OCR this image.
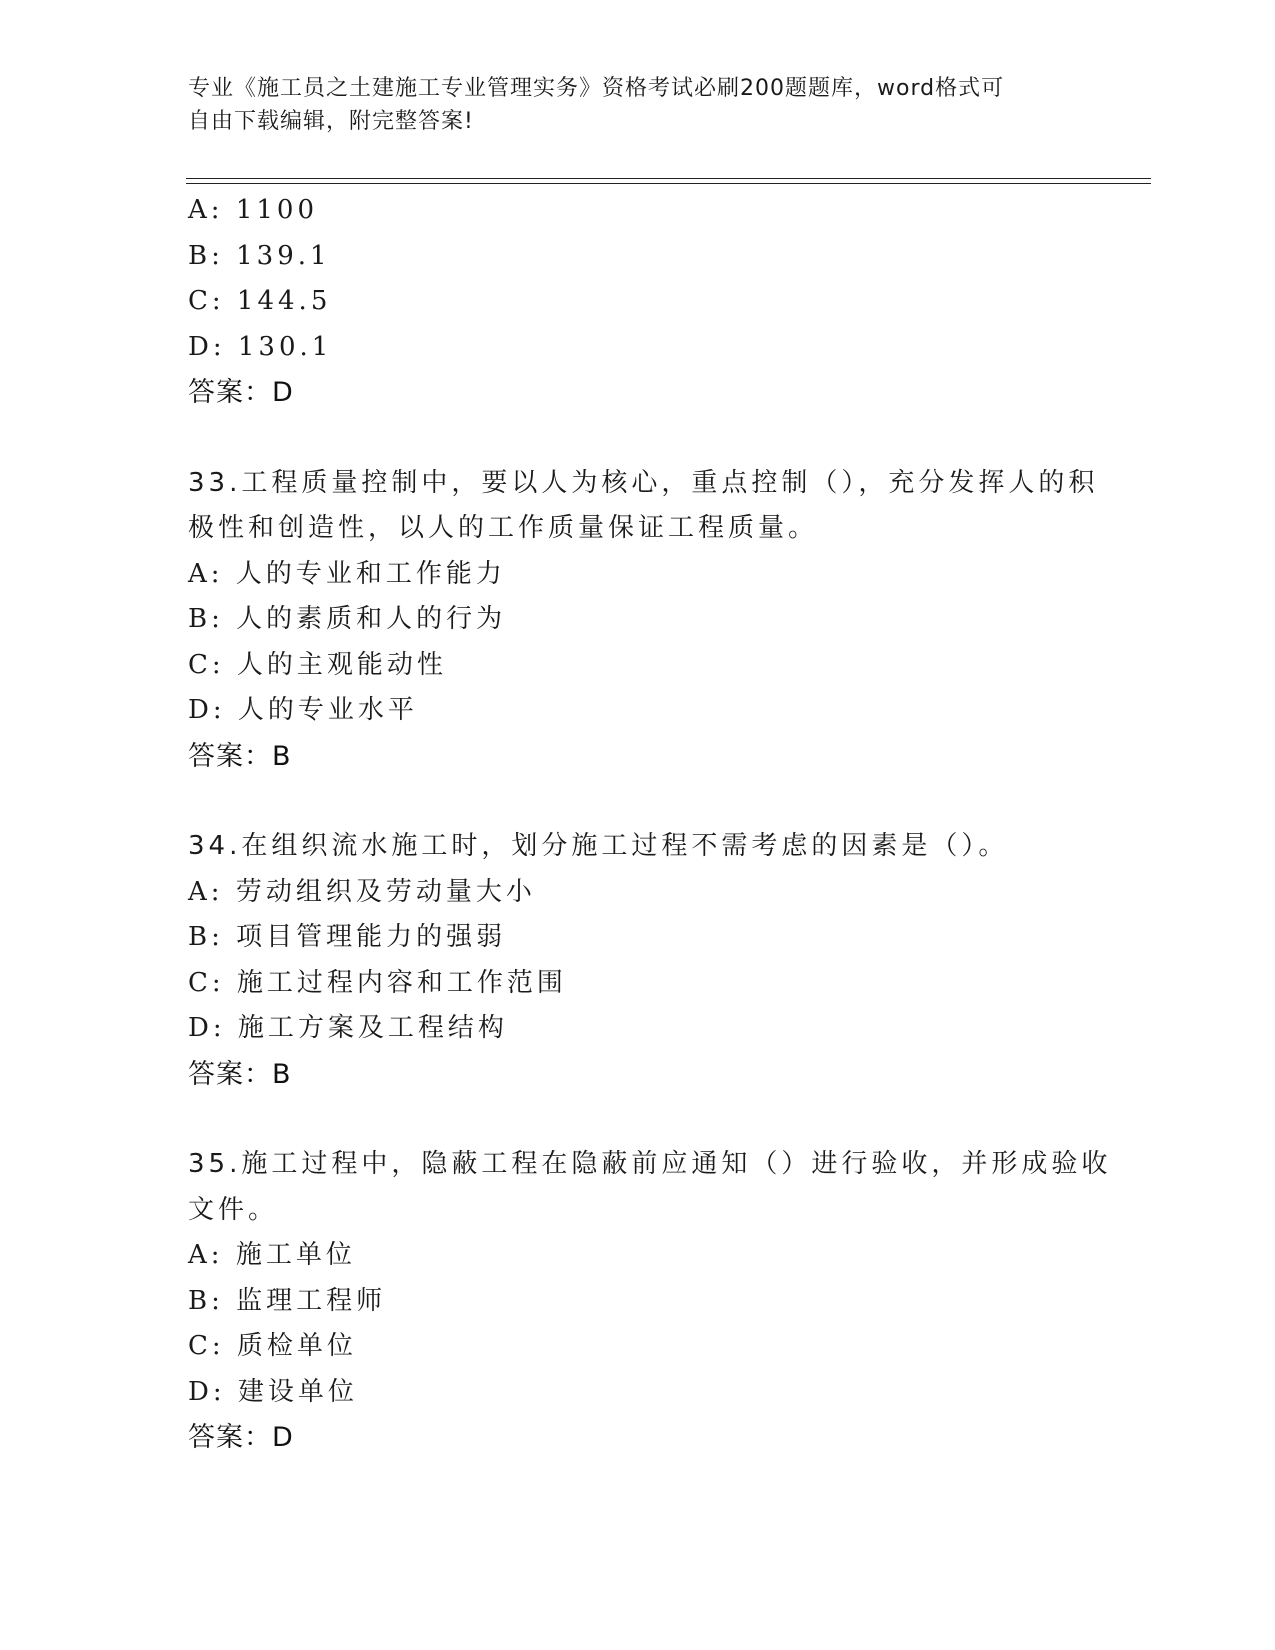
专业《施工员之土建施工专业管理实务》资格考试必刷200题题库，word格式可
自由下载编辑，附完整答案!
A: 1100
B: 139.1
C: 144.5
D: 130.1
答案：D
33.工程质量控制中，要以人为核心，重点控制（），充分发挥人的积
极性和创造性，以人的工作质量保证工程质量。
A: 人的专业和工作能力
B: 人的素质和人的行为
C: 人的主观能动性
D: 人的专业水平
答案：B
34.在组织流水施工时，划分施工过程不需考虑的因素是（）。
A: 劳动组织及劳动量大小
B: 项目管理能力的强弱
C: 施工过程内容和工作范围
D: 施工方案及工程结构
答案：B
35.施工过程中，隐蔽工程在隐蔽前应通知（）进行验收，并形成验收
文件。
A: 施工单位
B: 监理工程师
C: 质检单位
D: 建设单位
答案：D
